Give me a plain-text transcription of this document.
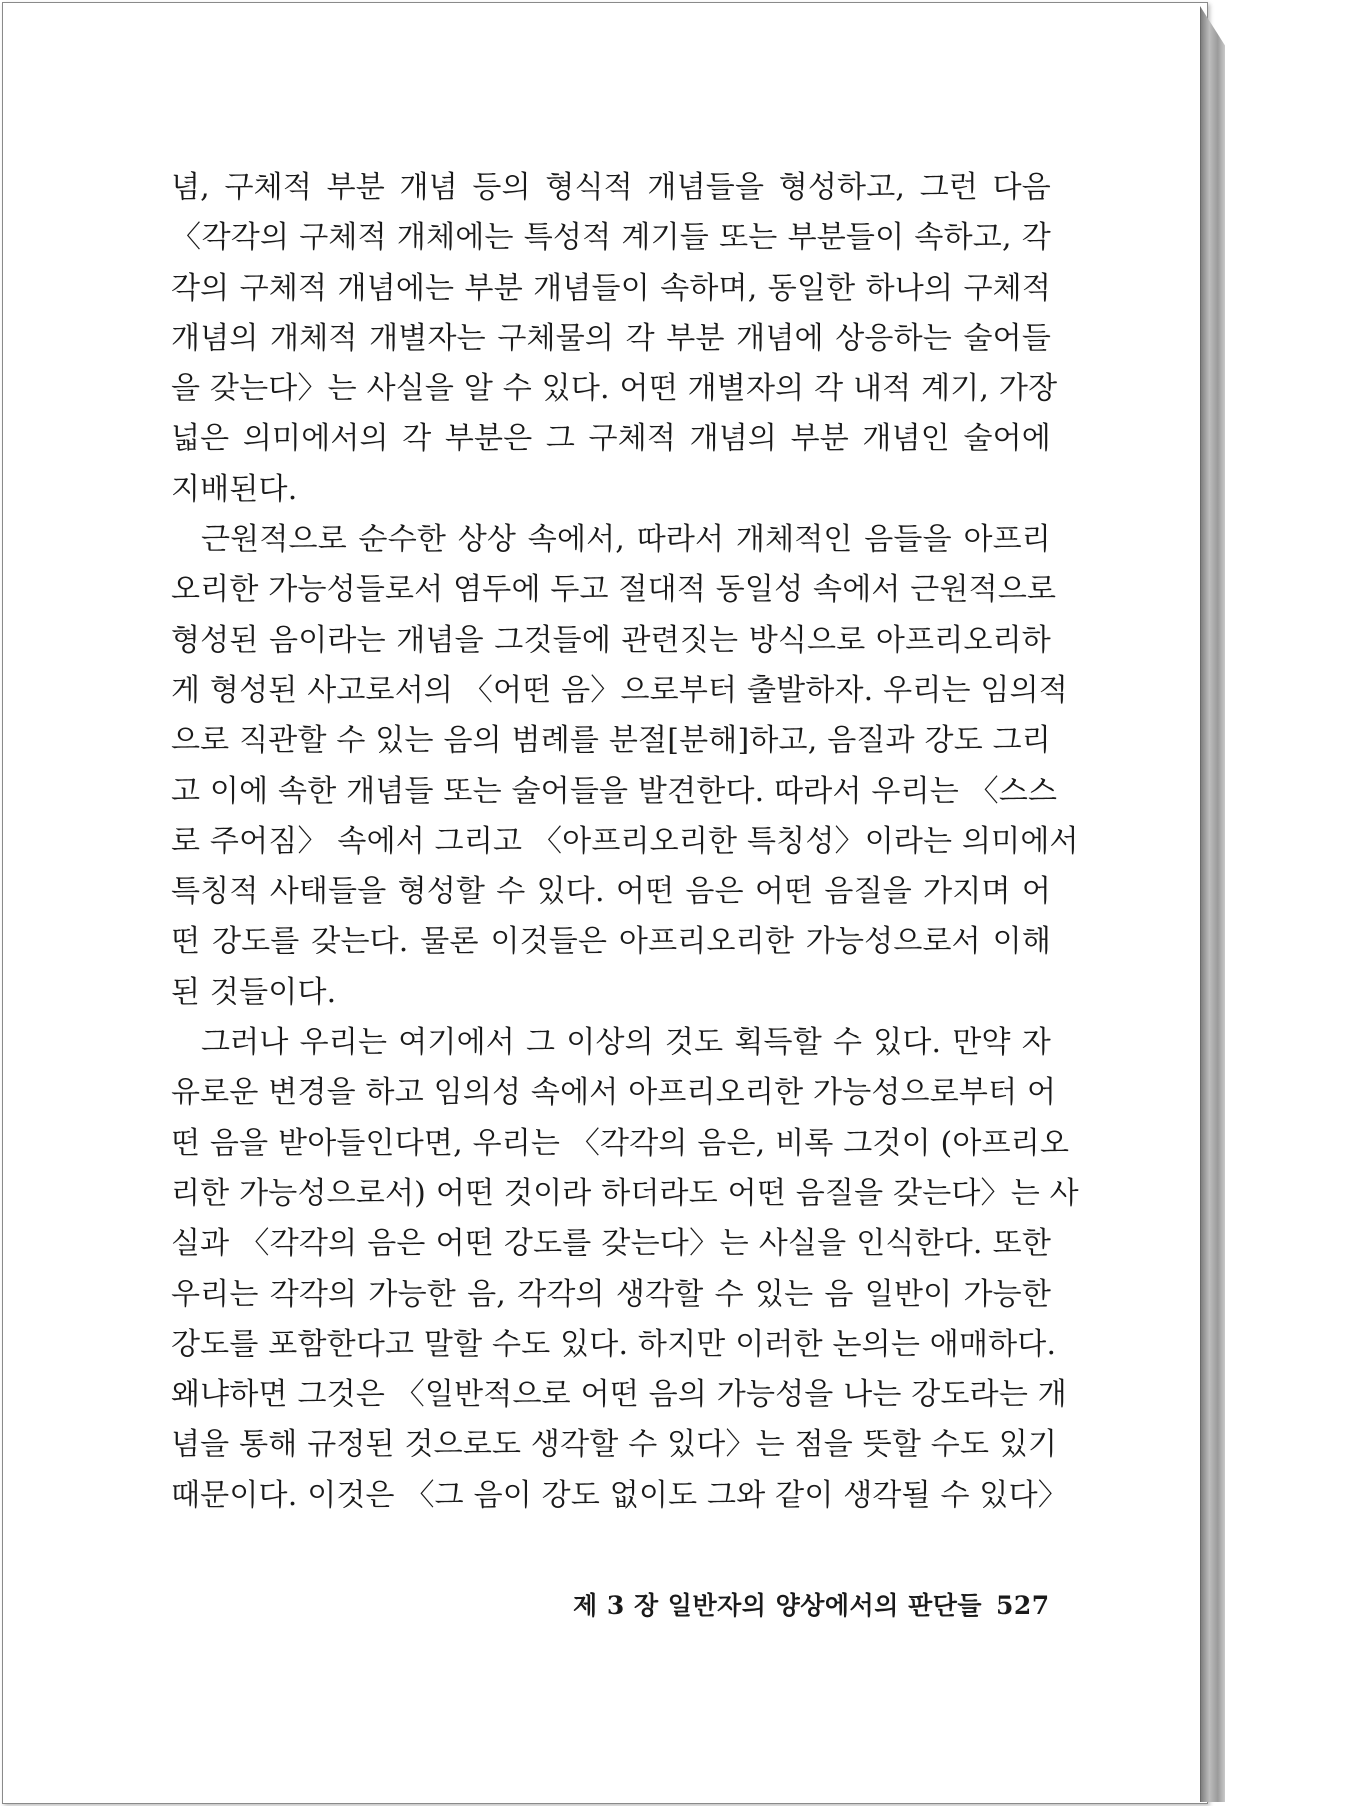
념, 구체적 부분 개념 등의 형식적 개념들을 형성하고, 그런 다음
〈각각의 구체적 개체에는 특성적 계기들 또는 부분들이 속하고, 각
각의 구체적 개념에는 부분 개념들이 속하며, 동일한 하나의 구체적
개념의 개체적 개별자는 구체물의 각 부분 개념에 상응하는 술어들
을 갖는다〉는 사실을 알 수 있다. 어떤 개별자의 각 내적 계기, 가장
넓은 의미에서의 각 부분은 그 구체적 개념의 부분 개념인 술어에
지배된다.
근원적으로 순수한 상상 속에서, 따라서 개체적인 음들을 아프리
오리한 가능성들로서 염두에 두고 절대적 동일성 속에서 근원적으로
형성된 음이라는 개념을 그것들에 관련짓는 방식으로 아프리오리하
게 형성된 사고로서의 〈어떤 음〉으로부터 출발하자. 우리는 임의적
으로 직관할 수 있는 음의 범례를 분절[분해]하고, 음질과 강도 그리
고 이에 속한 개념들 또는 술어들을 발견한다. 따라서 우리는 〈스스
로 주어짐〉 속에서 그리고 〈아프리오리한 특칭성〉이라는 의미에서
특칭적 사태들을 형성할 수 있다. 어떤 음은 어떤 음질을 가지며 어
떤 강도를 갖는다. 물론 이것들은 아프리오리한 가능성으로서 이해
된 것들이다.
그러나 우리는 여기에서 그 이상의 것도 획득할 수 있다. 만약 자
유로운 변경을 하고 임의성 속에서 아프리오리한 가능성으로부터 어
떤 음을 받아들인다면, 우리는 〈각각의 음은, 비록 그것이 (아프리오
리한 가능성으로서) 어떤 것이라 하더라도 어떤 음질을 갖는다〉는 사
실과 〈각각의 음은 어떤 강도를 갖는다〉는 사실을 인식한다. 또한
우리는 각각의 가능한 음, 각각의 생각할 수 있는 음 일반이 가능한
강도를 포함한다고 말할 수도 있다. 하지만 이러한 논의는 애매하다.
왜냐하면 그것은 〈일반적으로 어떤 음의 가능성을 나는 강도라는 개
념을 통해 규정된 것으로도 생각할 수 있다〉는 점을 뜻할 수도 있기
때문이다. 이것은 〈그 음이 강도 없이도 그와 같이 생각될 수 있다〉
제 3 장 일반자의 양상에서의 판단들 527
